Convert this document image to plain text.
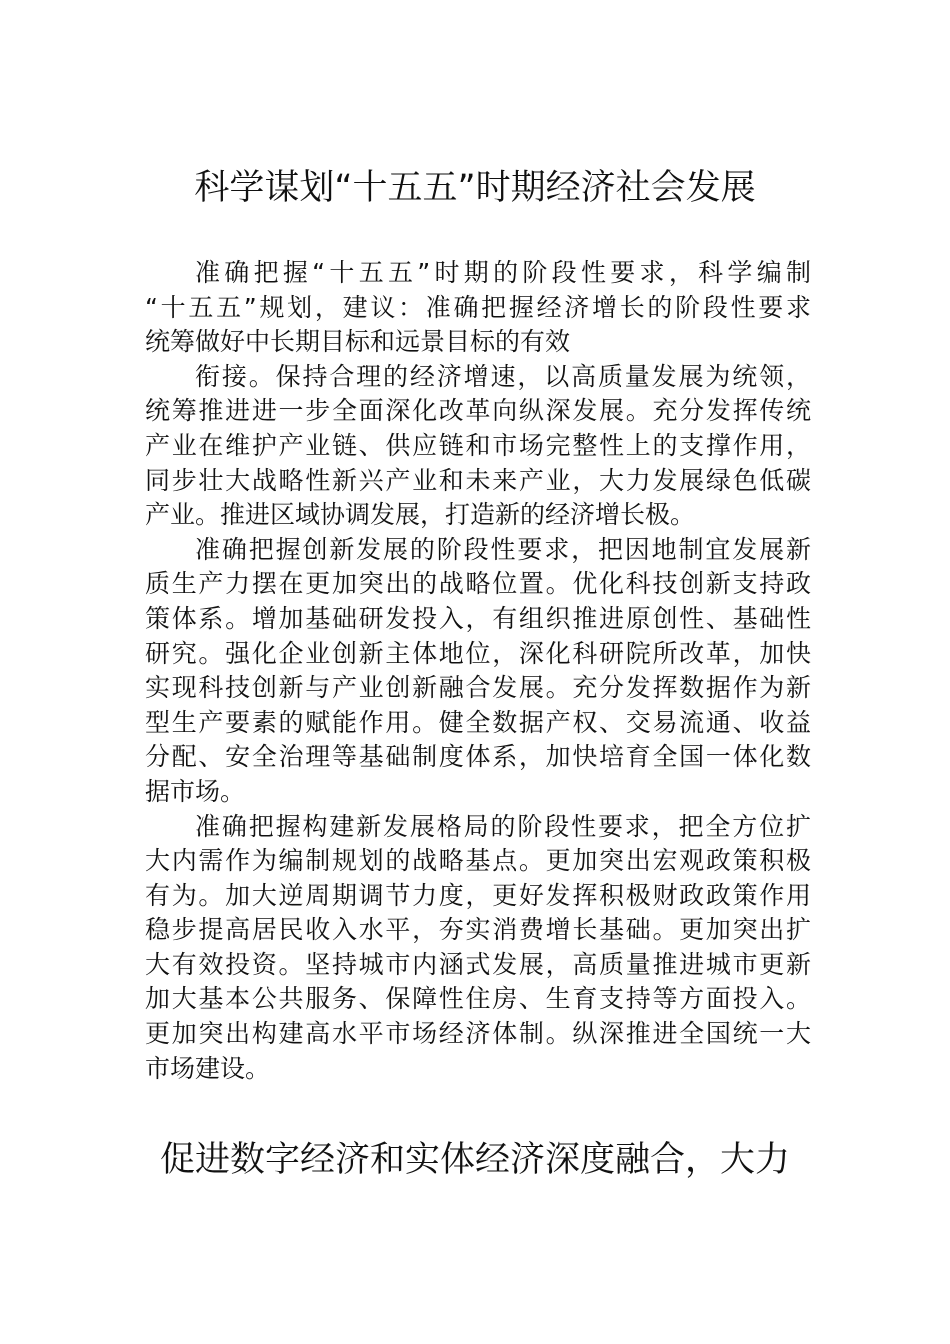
科学谋划“十五五”时期经济社会发展
准确把握“十五五”时期的阶段性要求，科学编制
“十五五”规划，建议：准确把握经济增长的阶段性要求
统筹做好中长期目标和远景目标的有效
衔接。保持合理的经济增速，以高质量发展为统领，
统筹推进进一步全面深化改革向纵深发展。充分发挥传统
产业在维护产业链、供应链和市场完整性上的支撑作用，
同步壮大战略性新兴产业和未来产业，大力发展绿色低碳
产业。推进区域协调发展，打造新的经济增长极。
准确把握创新发展的阶段性要求，把因地制宜发展新
质生产力摆在更加突出的战略位置。优化科技创新支持政
策体系。增加基础研发投入，有组织推进原创性、基础性
研究。强化企业创新主体地位，深化科研院所改革，加快
实现科技创新与产业创新融合发展。充分发挥数据作为新
型生产要素的赋能作用。健全数据产权、交易流通、收益
分配、安全治理等基础制度体系，加快培育全国一体化数
据市场。
准确把握构建新发展格局的阶段性要求，把全方位扩
大内需作为编制规划的战略基点。更加突出宏观政策积极
有为。加大逆周期调节力度，更好发挥积极财政政策作用
稳步提高居民收入水平，夯实消费增长基础。更加突出扩
大有效投资。坚持城市内涵式发展，高质量推进城市更新
加大基本公共服务、保障性住房、生育支持等方面投入。
更加突出构建高水平市场经济体制。纵深推进全国统一大
市场建设。
促进数字经济和实体经济深度融合，大力
